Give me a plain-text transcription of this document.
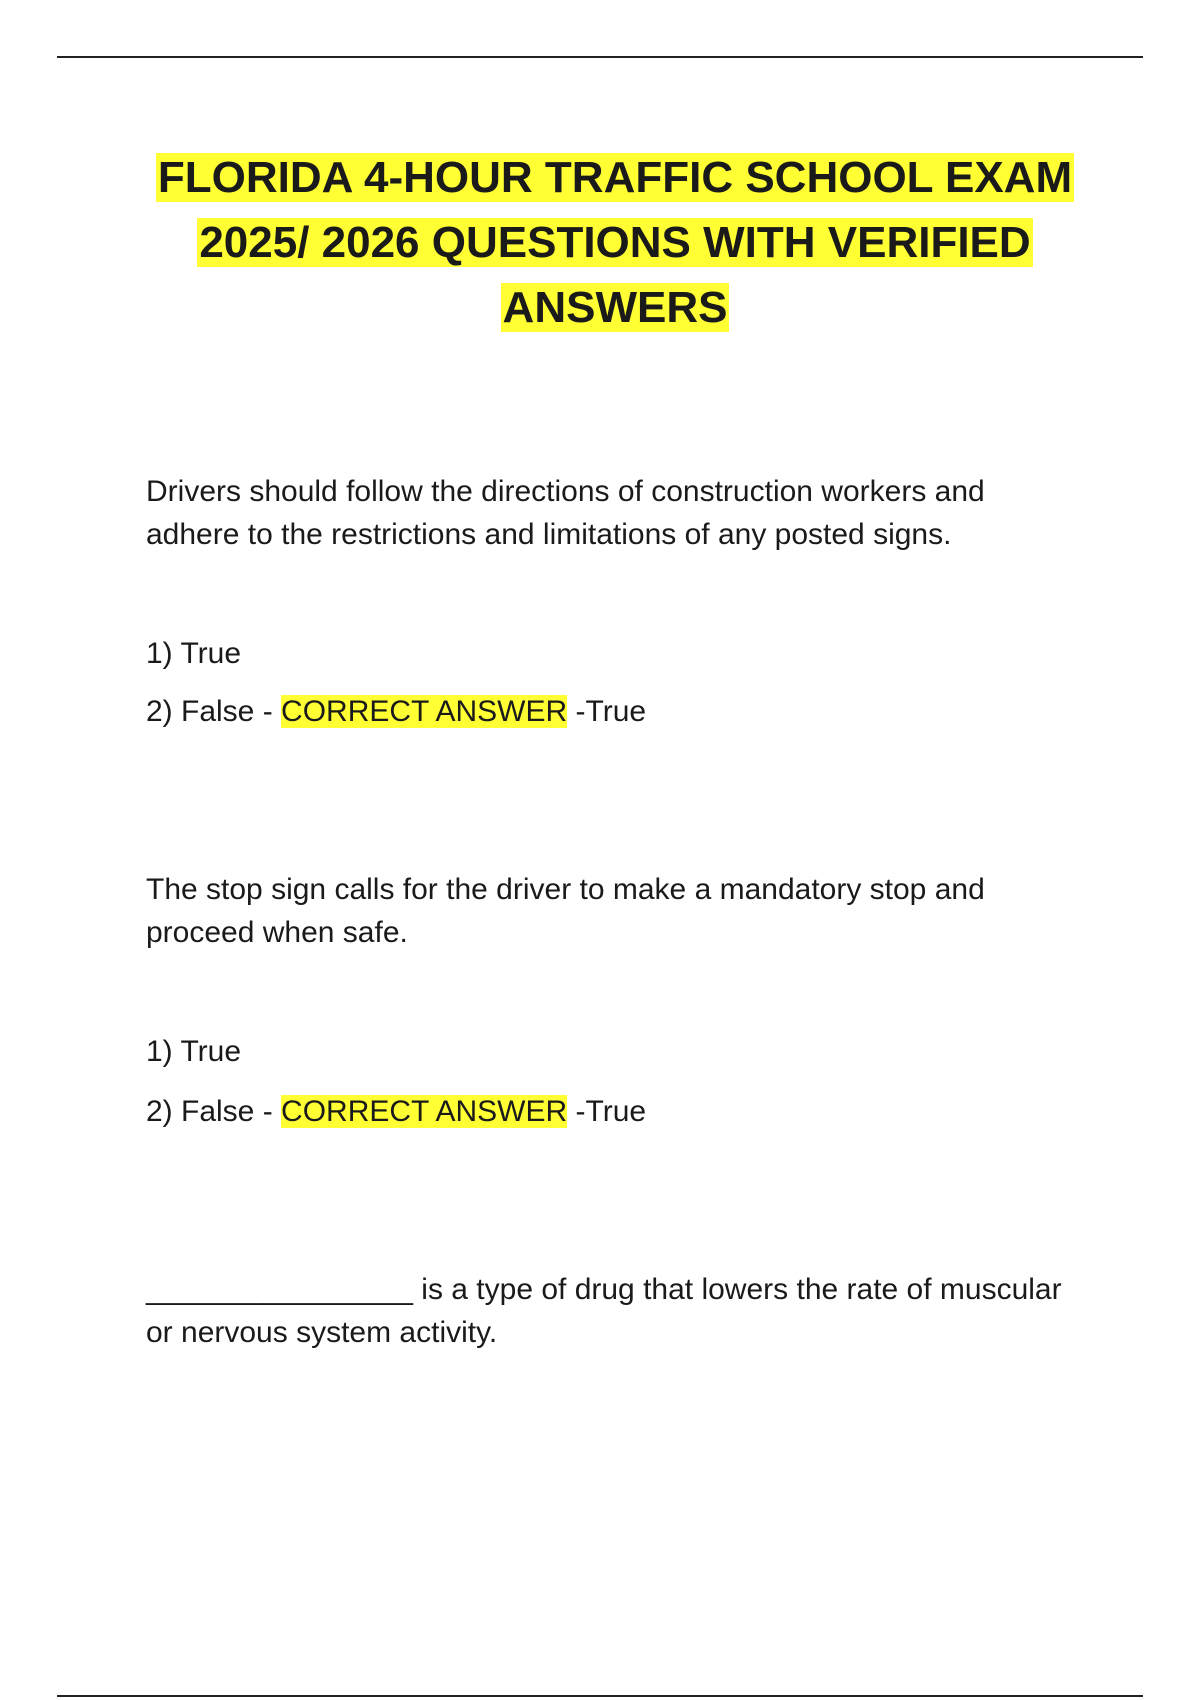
FLORIDA 4-HOUR TRAFFIC SCHOOL EXAM 2025/ 2026 QUESTIONS WITH VERIFIED ANSWERS

Drivers should follow the directions of construction workers and adhere to the restrictions and limitations of any posted signs.

1) True

2) False - CORRECT ANSWER -True

The stop sign calls for the driver to make a mandatory stop and proceed when safe.

1) True

2) False - CORRECT ANSWER -True

________________ is a type of drug that lowers the rate of muscular or nervous system activity.
